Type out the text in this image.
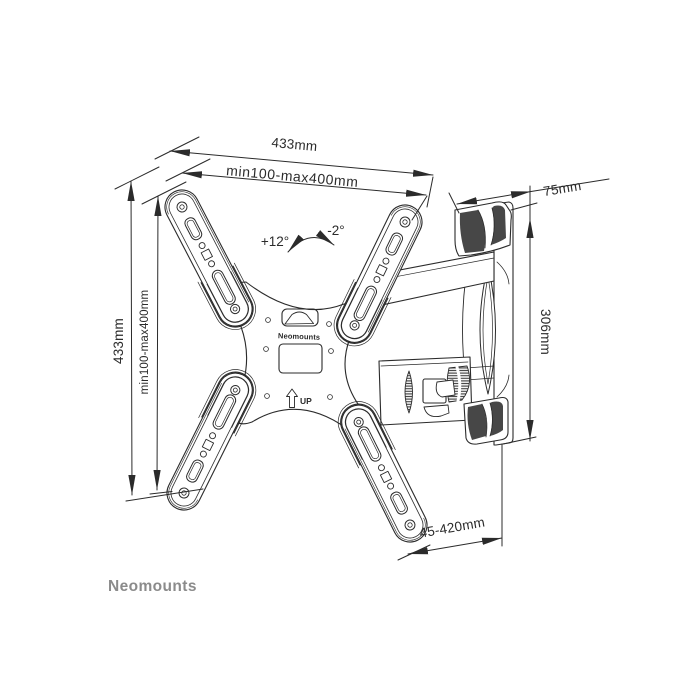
433mm
min100-max400mm	75mm
433mm min100-max400mm	306mm
45-420mm
+12°
-2°
Neomounts
UP
Neomounts
